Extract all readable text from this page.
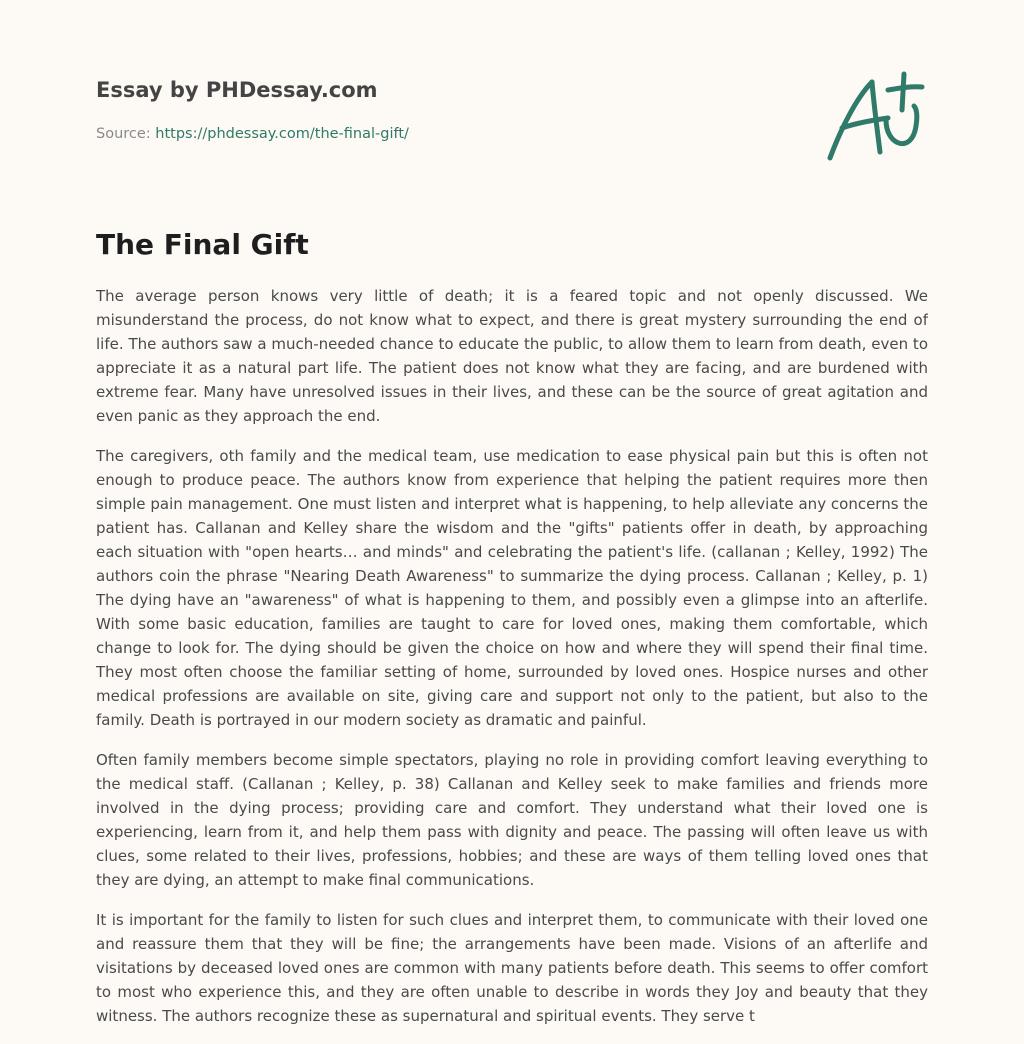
Essay by PHDessay.com
Source: https://phdessay.com/the-final-gift/
The Final Gift

The average person knows very little of death; it is a feared topic and not openly discussed. We misunderstand the process, do not know what to expect, and there is great mystery surrounding the end of life. The authors saw a much-needed chance to educate the public, to allow them to learn from death, even to appreciate it as a natural part life. The patient does not know what they are facing, and are burdened with extreme fear. Many have unresolved issues in their lives, and these can be the source of great agitation and even panic as they approach the end.

The caregivers, oth family and the medical team, use medication to ease physical pain but this is often not enough to produce peace. The authors know from experience that helping the patient requires more then simple pain management. One must listen and interpret what is happening, to help alleviate any concerns the patient has. Callanan and Kelley share the wisdom and the "gifts" patients offer in death, by approaching each situation with "open hearts… and minds" and celebrating the patient's life. (callanan ; Kelley, 1992) The authors coin the phrase "Nearing Death Awareness" to summarize the dying process. Callanan ; Kelley, p. 1) The dying have an "awareness" of what is happening to them, and possibly even a glimpse into an afterlife. With some basic education, families are taught to care for loved ones, making them comfortable, which change to look for. The dying should be given the choice on how and where they will spend their final time. They most often choose the familiar setting of home, surrounded by loved ones. Hospice nurses and other medical professions are available on site, giving care and support not only to the patient, but also to the family. Death is portrayed in our modern society as dramatic and painful.

Often family members become simple spectators, playing no role in providing comfort leaving everything to the medical staff. (Callanan ; Kelley, p. 38) Callanan and Kelley seek to make families and friends more involved in the dying process; providing care and comfort. They understand what their loved one is experiencing, learn from it, and help them pass with dignity and peace. The passing will often leave us with clues, some related to their lives, professions, hobbies; and these are ways of them telling loved ones that they are dying, an attempt to make final communications.

It is important for the family to listen for such clues and interpret them, to communicate with their loved one and reassure them that they will be fine; the arrangements have been made. Visions of an afterlife and visitations by deceased loved ones are common with many patients before death. This seems to offer comfort to most who experience this, and they are often unable to describe in words they Joy and beauty that they witness. The authors recognize these as supernatural and spiritual events. They serve t
